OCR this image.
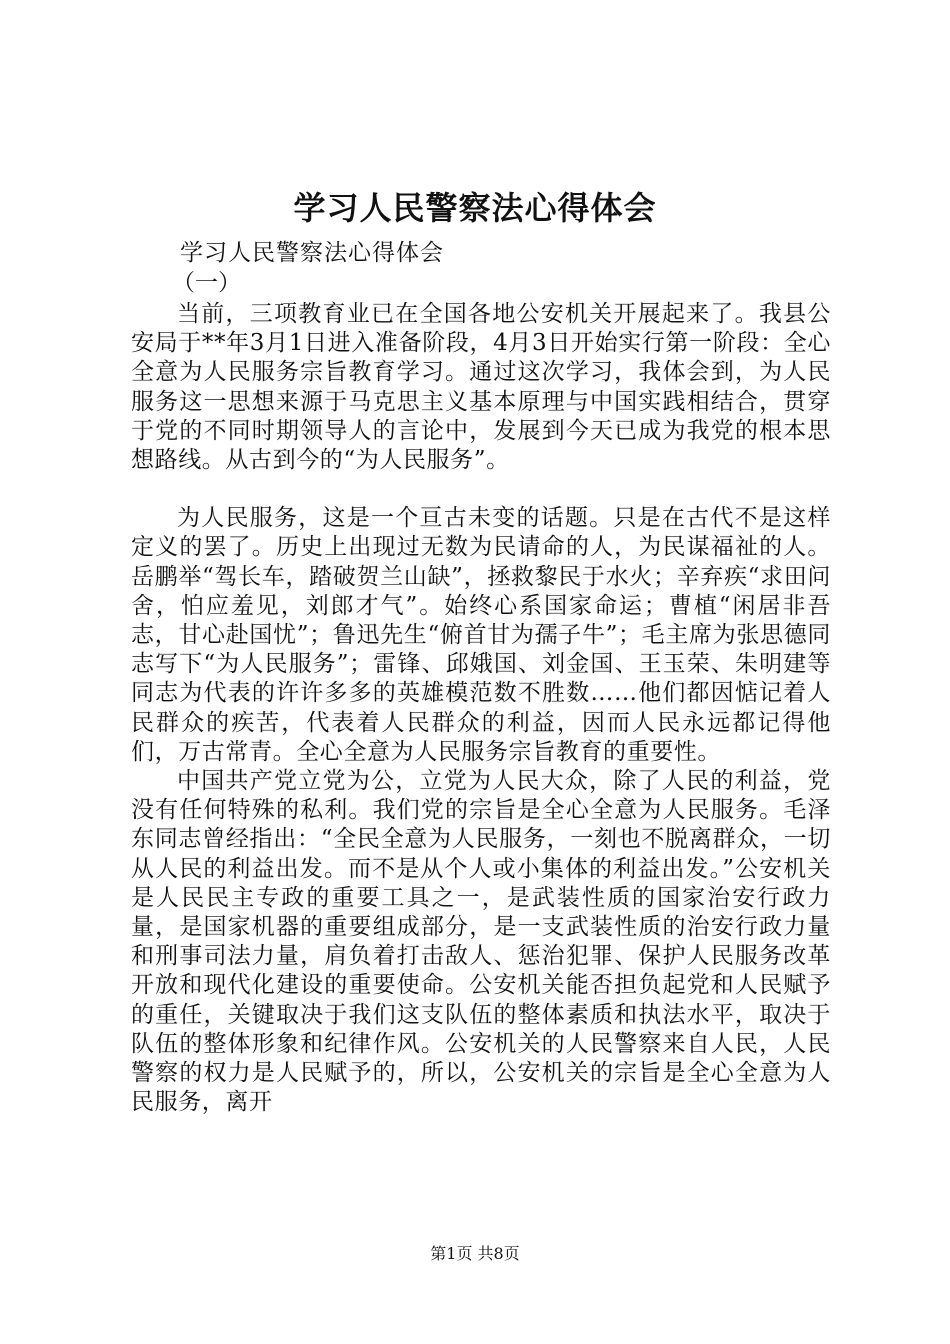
学习人民警察法心得体会
学习人民警察法心得体会
（一）

当前，三项教育业已在全国各地公安机关开展起来了。我县公安局于**年3月1日进入准备阶段，4月3日开始实行第一阶段：全心全意为人民服务宗旨教育学习。通过这次学习，我体会到，为人民服务这一思想来源于马克思主义基本原理与中国实践相结合，贯穿于党的不同时期领导人的言论中，发展到今天已成为我党的根本思想路线。从古到今的“为人民服务”。

为人民服务，这是一个亘古未变的话题。只是在古代不是这样定义的罢了。历史上出现过无数为民请命的人，为民谋福祉的人。岳鹏举“驾长车，踏破贺兰山缺”，拯救黎民于水火；辛弃疾“求田问舍，怕应羞见，刘郎才气”。始终心系国家命运；曹植“闲居非吾志，甘心赴国忧”；鲁迅先生“俯首甘为孺子牛”；毛主席为张思德同志写下“为人民服务”；雷锋、邱娥国、刘金国、王玉荣、朱明建等同志为代表的许许多多的英雄模范数不胜数……他们都因惦记着人民群众的疾苦，代表着人民群众的利益，因而人民永远都记得他们，万古常青。全心全意为人民服务宗旨教育的重要性。

中国共产党立党为公，立党为人民大众，除了人民的利益，党没有任何特殊的私利。我们党的宗旨是全心全意为人民服务。毛泽东同志曾经指出：“全民全意为人民服务，一刻也不脱离群众，一切从人民的利益出发。而不是从个人或小集体的利益出发。”公安机关是人民民主专政的重要工具之一，是武装性质的国家治安行政力量，是国家机器的重要组成部分，是一支武装性质的治安行政力量和刑事司法力量，肩负着打击敌人、惩治犯罪、保护人民服务改革开放和现代化建设的重要使命。公安机关能否担负起党和人民赋予的重任，关键取决于我们这支队伍的整体素质和执法水平，取决于队伍的整体形象和纪律作风。公安机关的人民警察来自人民，人民警察的权力是人民赋予的，所以，公安机关的宗旨是全心全意为人民服务，离开

第1页 共8页
